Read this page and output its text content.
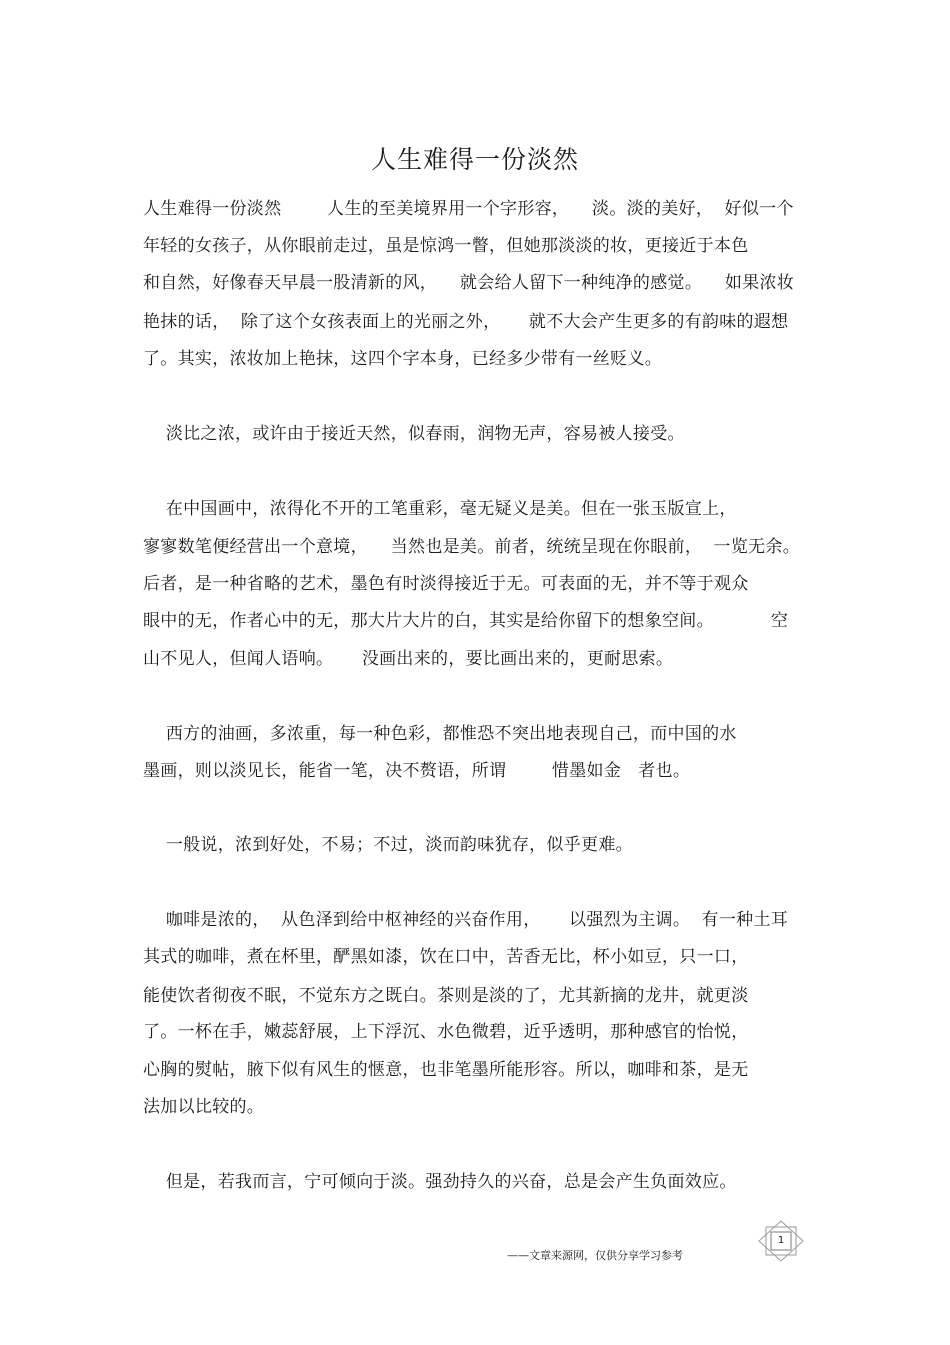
人生难得一份淡然
人生难得一份淡然        人生的至美境界用一个字形容，    淡。淡的美好，  好似一个
年轻的女孩子，从你眼前走过，虽是惊鸿一瞥，但她那淡淡的妆，更接近于本色
和自然，好像春天早晨一股清新的风，    就会给人留下一种纯净的感觉。    如果浓妆
艳抹的话，  除了这个女孩表面上的光丽之外，     就不大会产生更多的有韵味的遐想
了。其实，浓妆加上艳抹，这四个字本身，已经多少带有一丝贬义。
淡比之浓，或许由于接近天然，似春雨，润物无声，容易被人接受。
在中国画中，浓得化不开的工笔重彩，毫无疑义是美。但在一张玉版宣上，
寥寥数笔便经营出一个意境，    当然也是美。前者，统统呈现在你眼前，  一览无余。
后者，是一种省略的艺术，墨色有时淡得接近于无。可表面的无，并不等于观众
眼中的无，作者心中的无，那大片大片的白，其实是给你留下的想象空间。          空
山不见人，但闻人语响。     没画出来的，要比画出来的，更耐思索。
西方的油画，多浓重，每一种色彩，都惟恐不突出地表现自己，而中国的水
墨画，则以淡见长，能省一笔，决不赘语，所谓        惜墨如金   者也。
一般说，浓到好处，不易；不过，淡而韵味犹存，似乎更难。
咖啡是浓的，  从色泽到给中枢神经的兴奋作用，     以强烈为主调。  有一种土耳
其式的咖啡，煮在杯里，酽黑如漆，饮在口中，苦香无比，杯小如豆，只一口，
能使饮者彻夜不眠，不觉东方之既白。茶则是淡的了，尤其新摘的龙井，就更淡
了。一杯在手，嫩蕊舒展，上下浮沉、水色微碧，近乎透明，那种感官的怡悦，
心胸的熨帖，腋下似有风生的惬意，也非笔墨所能形容。所以，咖啡和茶，是无
法加以比较的。
但是，若我而言，宁可倾向于淡。强劲持久的兴奋，总是会产生负面效应。
——文章来源网，仅供分享学习参考
1
